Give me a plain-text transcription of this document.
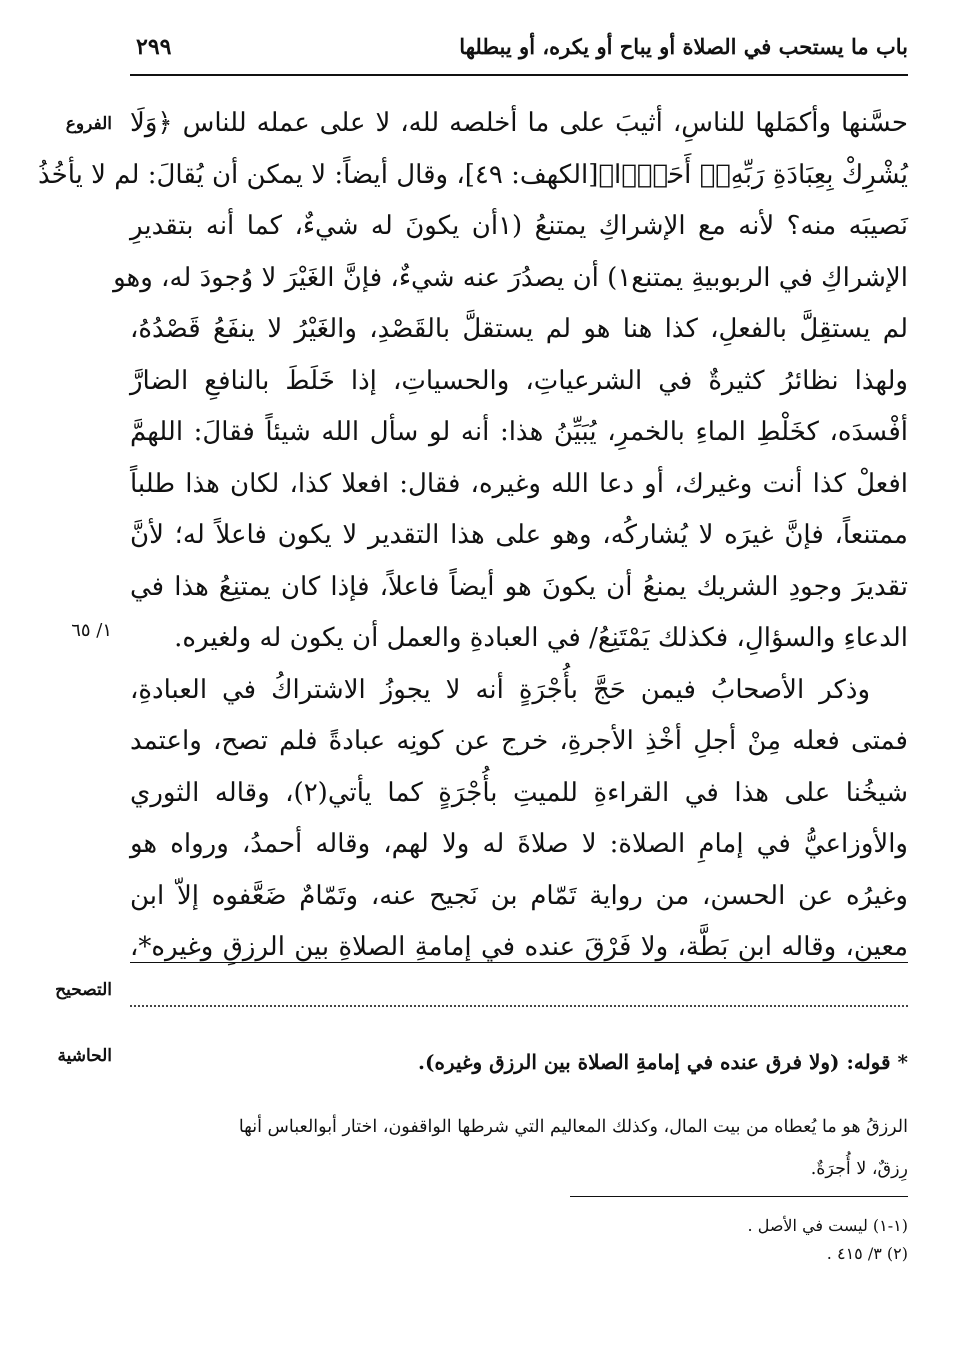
باب ما يستحب في الصلاة أو يباح أو يكره، أو يبطلها
٢٩٩
الفروع
١/ ٦٥
التصحيح
الحاشية
حسَّنها وأكمَلها للناسِ، أثيبَ على ما أخلصه لله، لا على عمله للناس ﴿وَلَا
يُشْرِكْ بِعِبَادَةِ رَبِّهِۦٓ أَحَدًۢا﴾[الكهف: ٤٩]، وقال أيضاً: لا يمكن أن يُقالَ: لم لا يأخُذُ
نَصيبَه منه؟ لأنه مع الإشراكِ يمتنعُ (١أن يكونَ له شيءٌ، كما أنه بتقديرِ
الإشراكِ في الربوبيةِ يمتنع١) أن يصدُرَ عنه شيءٌ، فإنَّ الغَيْرَ لا وُجودَ له، وهو
لم يستقِلَّ بالفعلِ، كذا هنا هو لم يستقلَّ بالقَصْدِ، والغَيْرُ لا ينفَعُ قَصْدُهُ،
ولهذا نظائرُ كثيرةٌ في الشرعياتِ، والحسياتِ، إذا خَلَطَ بالنافعِ الضارَّ
أفْسدَه، كخَلْطِ الماءِ بالخمرِ، يُبَيِّنُ هذا: أنه لو سأل الله شيئاً فقالَ: اللهمَّ
افعلْ كذا أنت وغيرك، أو دعا الله وغيره، فقال: افعلا كذا، لكان هذا طلباً
ممتنعاً، فإنَّ غيرَه لا يُشاركُه، وهو على هذا التقدير لا يكون فاعلاً له؛ لأنَّ
تقديرَ وجودِ الشريك يمنعُ أن يكونَ هو أيضاً فاعلاً، فإذا كان يمتنِعُ هذا في
الدعاءِ والسؤالِ، فكذلك يَمْتَنِعُ/ في العبادةِ والعمل أن يكون له ولغيره.
وذكر الأصحابُ فيمن حَجَّ بأُجْرَةٍ أنه لا يجوزُ الاشتراكُ في العبادةِ،
فمتى فعله مِنْ أجلِ أخْذِ الأجرةِ، خرج عن كونِه عبادةً فلم تصح، واعتمد
شيخُنا على هذا في القراءةِ للميتِ بأُجْرَةٍ كما يأتي(٢)، وقاله الثوري
والأوزاعيُّ في إمامِ الصلاة: لا صلاةَ له ولا لهم، وقاله أحمدُ، ورواه هو
وغيرُه عن الحسن، من رواية تَمّام بن نَجيح عنه، وتَمّامٌ ضَعَّفوه إلاّ ابن
معين، وقاله ابن بَطَّة، ولا فَرْقَ عنده في إمامةِ الصلاةِ بين الرزقِ وغيره*،
* قوله: (ولا فرق عنده في إمامةِ الصلاة بين الرزق وغيره).
الرزقُ هو ما يُعطاه من بيت المال، وكذلك المعاليم التي شرطها الواقفون، اختار أبوالعباس أنها
رِزقٌ، لا أُجرَةٌ.
(١-١) ليست في الأصل .
(٢) ٣/ ٤١٥ .
